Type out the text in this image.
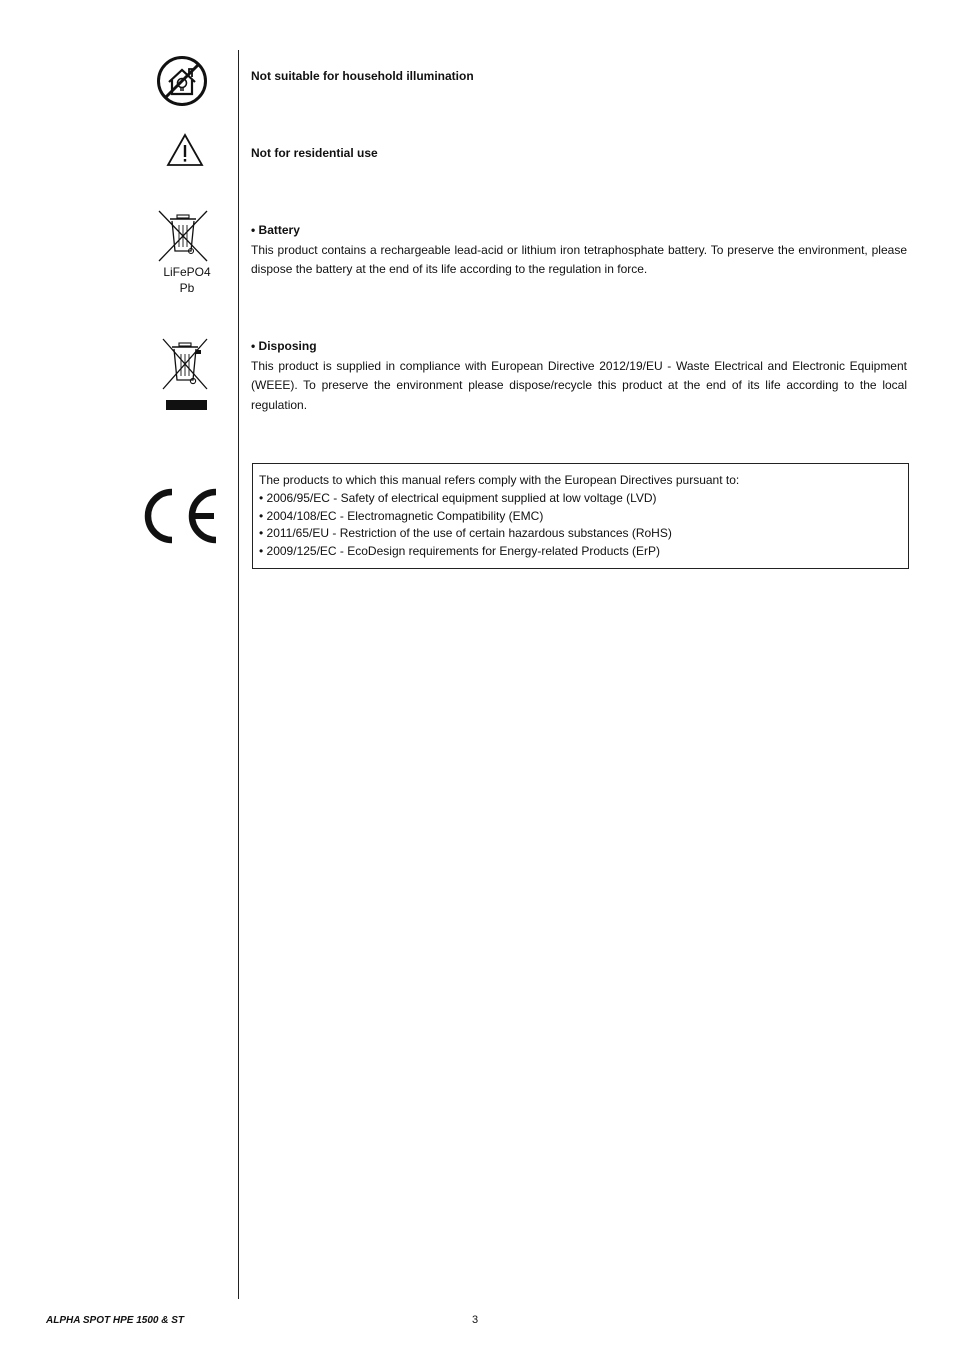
Not suitable for household illumination
Not for residential use
LiFePO4
Pb
• Battery
This product contains a rechargeable lead-acid or lithium iron tetraphosphate battery. To preserve the environment, please dispose the battery at the end of its life according to the regulation in force.
• Disposing
This product is supplied in compliance with European Directive 2012/19/EU - Waste Electrical and Electronic Equipment (WEEE). To preserve the environment please dispose/recycle this product at the end of its life according to the local regulation.
The products to which this manual refers comply with the European Directives pursuant to:
• 2006/95/EC - Safety of electrical equipment supplied at low voltage (LVD)
• 2004/108/EC - Electromagnetic Compatibility (EMC)
• 2011/65/EU - Restriction of the use of certain hazardous substances (RoHS)
• 2009/125/EC - EcoDesign requirements for Energy-related Products (ErP)
ALPHA SPOT HPE 1500 & ST	3
